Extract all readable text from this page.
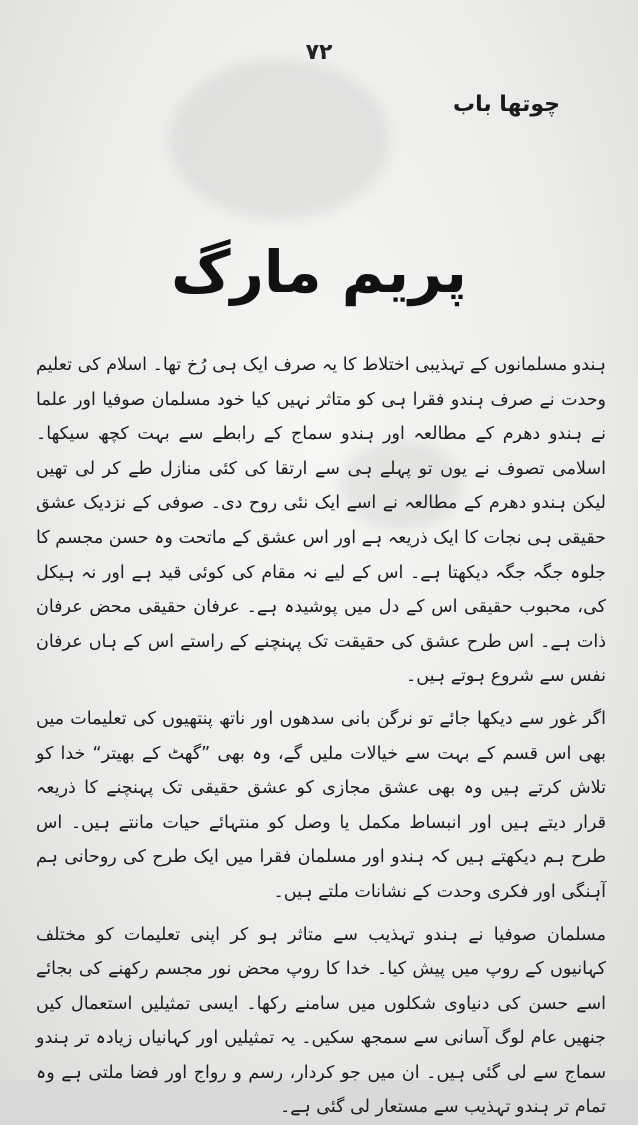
۷۲
چوتھا باب
پریم مارگ

ہندو مسلمانوں کے تہذیبی اختلاط کا یہ صرف ایک ہی رُخ تھا۔ اسلام کی تعلیم وحدت نے صرف ہندو فقرا ہی کو متاثر نہیں کیا خود مسلمان صوفیا اور علما نے ہندو دھرم کے مطالعہ اور ہندو سماج کے رابطے سے بہت کچھ سیکھا۔ اسلامی تصوف نے یوں تو پہلے ہی سے ارتقا کی کئی منازل طے کر لی تھیں لیکن ہندو دھرم کے مطالعہ نے اسے ایک نئی روح دی۔ صوفی کے نزدیک عشق حقیقی ہی نجات کا ایک ذریعہ ہے اور اس عشق کے ماتحت وہ حسن مجسم کا جلوہ جگہ جگہ دیکھتا ہے۔ اس کے لیے نہ مقام کی کوئی قید ہے اور نہ ہیکل کی، محبوب حقیقی اس کے دل میں پوشیدہ ہے۔ عرفان حقیقی محض عرفان ذات ہے۔ اس طرح عشق کی حقیقت تک پہنچنے کے راستے اس کے ہاں عرفان نفس سے شروع ہوتے ہیں۔

اگر غور سے دیکھا جائے تو نرگن بانی سدھوں اور ناتھ پنتھیوں کی تعلیمات میں بھی اس قسم کے بہت سے خیالات ملیں گے، وہ بھی ”گھٹ کے بھیتر“ خدا کو تلاش کرتے ہیں وہ بھی عشق مجازی کو عشق حقیقی تک پہنچنے کا ذریعہ قرار دیتے ہیں اور انبساط مکمل یا وصل کو منتہائے حیات مانتے ہیں۔ اس طرح ہم دیکھتے ہیں کہ ہندو اور مسلمان فقرا میں ایک طرح کی روحانی ہم آہنگی اور فکری وحدت کے نشانات ملتے ہیں۔

مسلمان صوفیا نے ہندو تہذیب سے متاثر ہو کر اپنی تعلیمات کو مختلف کہانیوں کے روپ میں پیش کیا۔ خدا کا روپ محض نور مجسم رکھنے کی بجائے اسے حسن کی دنیاوی شکلوں میں سامنے رکھا۔ ایسی تمثیلیں استعمال کیں جنھیں عام لوگ آسانی سے سمجھ سکیں۔ یہ تمثیلیں اور کہانیاں زیادہ تر ہندو سماج سے لی گئی ہیں۔ ان میں جو کردار، رسم و رواج اور فضا ملتی ہے وہ تمام تر ہندو تہذیب سے مستعار لی گئی ہے۔
